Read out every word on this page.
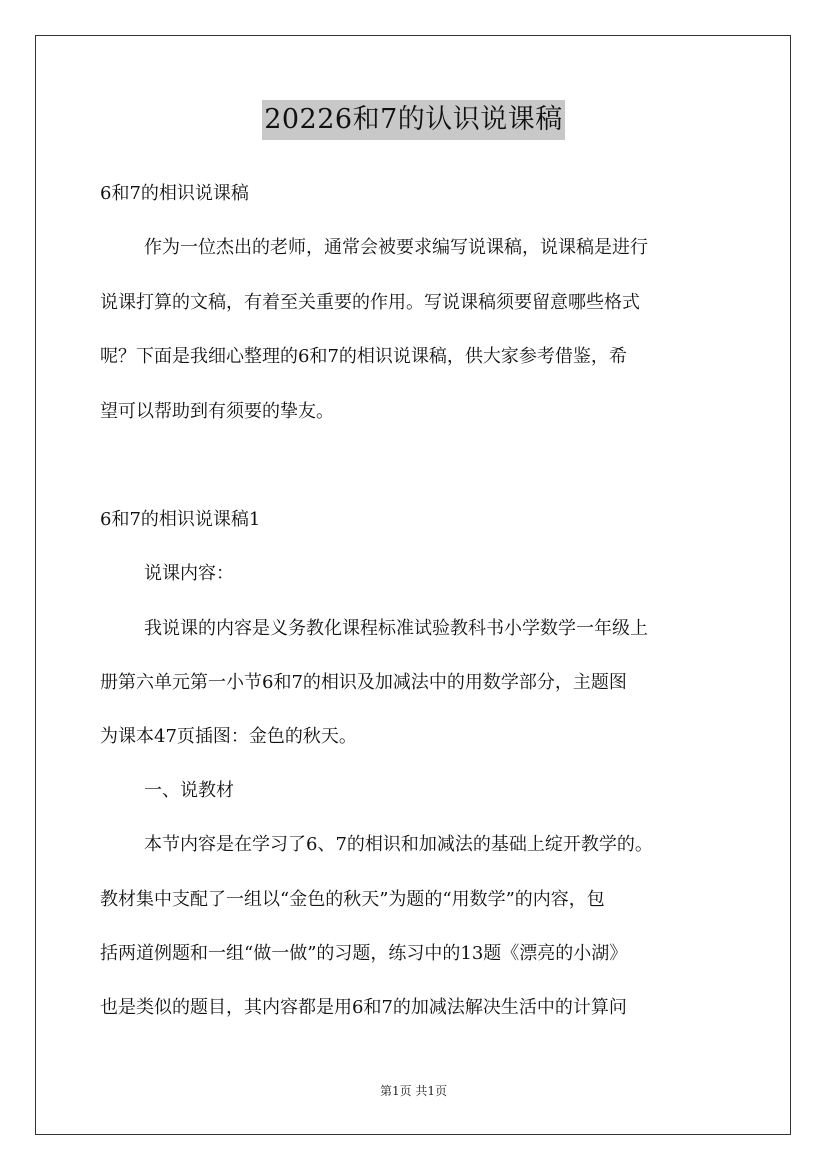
20226和7的认识说课稿
6和7的相识说课稿
作为一位杰出的老师，通常会被要求编写说课稿，说课稿是进行
说课打算的文稿，有着至关重要的作用。写说课稿须要留意哪些格式
呢？下面是我细心整理的6和7的相识说课稿，供大家参考借鉴，希
望可以帮助到有须要的挚友。
6和7的相识说课稿1
说课内容：
我说课的内容是义务教化课程标准试验教科书小学数学一年级上
册第六单元第一小节6和7的相识及加减法中的用数学部分，主题图
为课本47页插图：金色的秋天。
一、说教材
本节内容是在学习了6、7的相识和加减法的基础上绽开教学的。
教材集中支配了一组以“金色的秋天”为题的“用数学”的内容，包
括两道例题和一组“做一做”的习题，练习中的13题《漂亮的小湖》
也是类似的题目，其内容都是用6和7的加减法解决生活中的计算问
第1页 共1页
